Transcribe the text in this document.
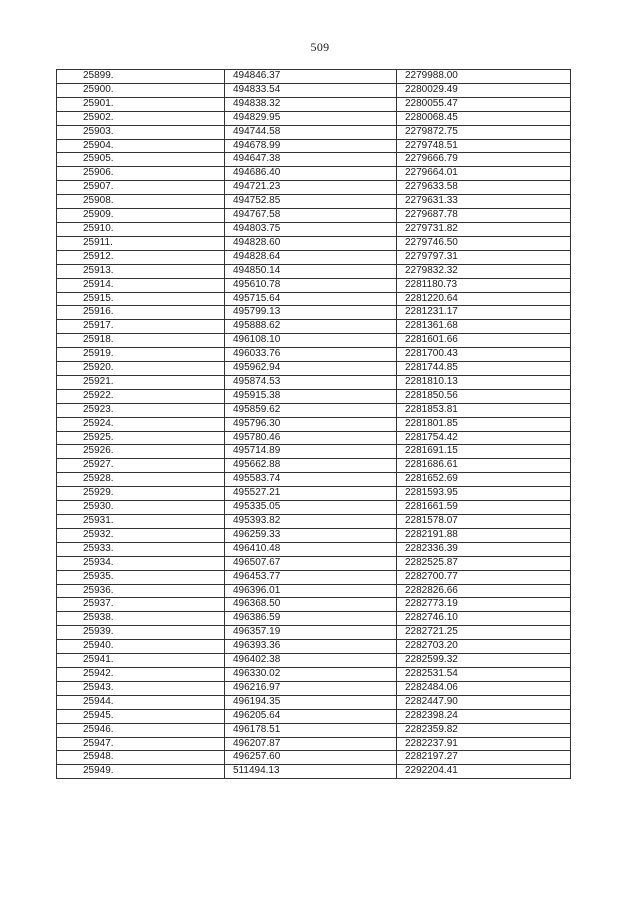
509
25899.	494846.37	2279988.00
25900.	494833.54	2280029.49
25901.	494838.32	2280055.47
25902.	494829.95	2280068.45
25903.	494744.58	2279872.75
25904.	494678.99	2279748.51
25905.	494647.38	2279666.79
25906.	494686.40	2279664.01
25907.	494721.23	2279633.58
25908.	494752.85	2279631.33
25909.	494767.58	2279687.78
25910.	494803.75	2279731.82
25911.	494828.60	2279746.50
25912.	494828.64	2279797.31
25913.	494850.14	2279832.32
25914.	495610.78	2281180.73
25915.	495715.64	2281220.64
25916.	495799.13	2281231.17
25917.	495888.62	2281361.68
25918.	496108.10	2281601.66
25919.	496033.76	2281700.43
25920.	495962.94	2281744.85
25921.	495874.53	2281810.13
25922.	495915.38	2281850.56
25923.	495859.62	2281853.81
25924.	495796.30	2281801.85
25925.	495780.46	2281754.42
25926.	495714.89	2281691.15
25927.	495662.88	2281686.61
25928.	495583.74	2281652.69
25929.	495527.21	2281593.95
25930.	495335.05	2281661.59
25931.	495393.82	2281578.07
25932.	496259.33	2282191.88
25933.	496410.48	2282336.39
25934.	496507.67	2282525.87
25935.	496453.77	2282700.77
25936.	496396.01	2282826.66
25937.	496368.50	2282773.19
25938.	496386.59	2282746.10
25939.	496357.19	2282721.25
25940.	496393.36	2282703.20
25941.	496402.38	2282599.32
25942.	496330.02	2282531.54
25943.	496216.97	2282484.06
25944.	496194.35	2282447.90
25945.	496205.64	2282398.24
25946.	496178.51	2282359.82
25947.	496207.87	2282237.91
25948.	496257.60	2282197.27
25949.	511494.13	2292204.41
